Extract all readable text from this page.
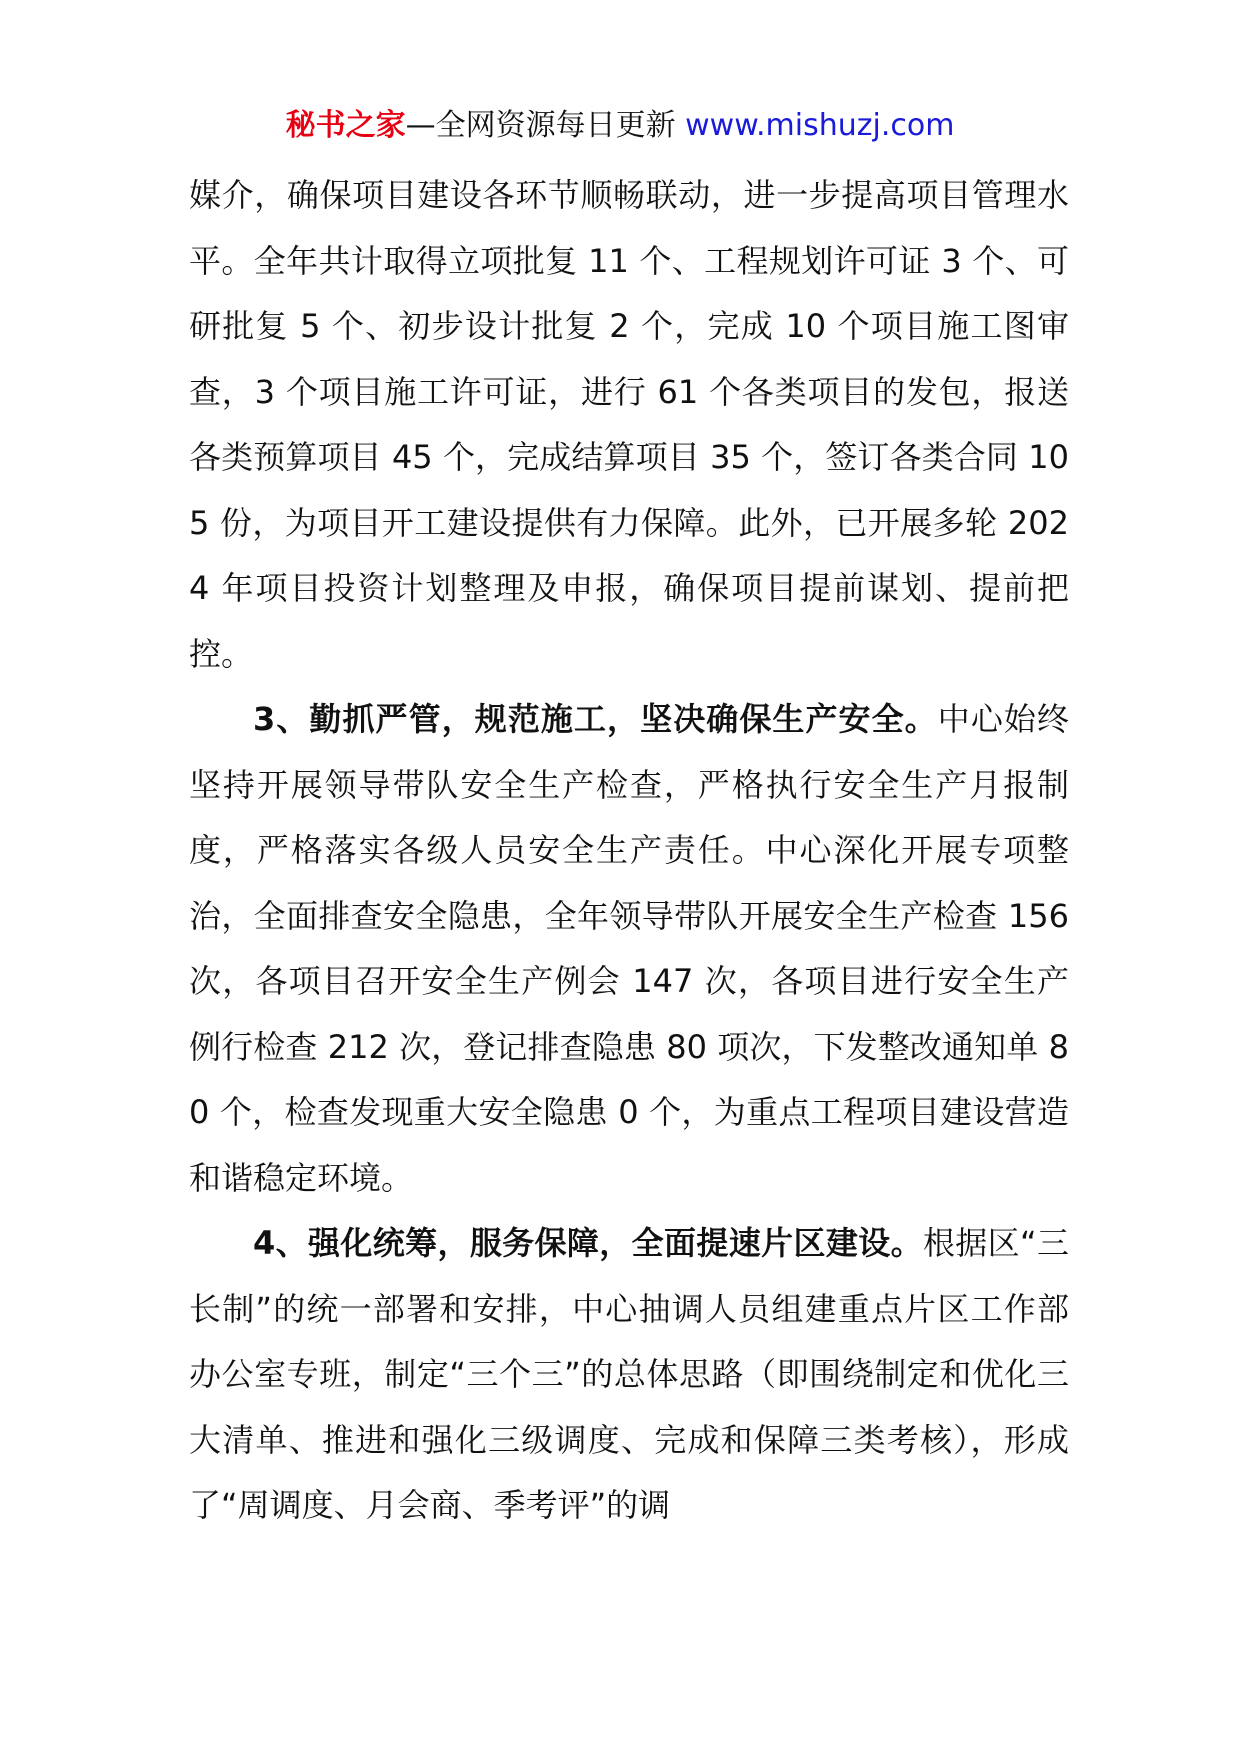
秘书之家—全网资源每日更新 www.mishuzj.com

媒介，确保项目建设各环节顺畅联动，进一步提高项目管理水平。全年共计取得立项批复 11 个、工程规划许可证 3 个、可研批复 5 个、初步设计批复 2 个，完成 10 个项目施工图审查，3 个项目施工许可证，进行 61 个各类项目的发包，报送各类预算项目 45 个，完成结算项目 35 个，签订各类合同 105 份，为项目开工建设提供有力保障。此外，已开展多轮 2024 年项目投资计划整理及申报，确保项目提前谋划、提前把控。

3、勤抓严管，规范施工，坚决确保生产安全。中心始终坚持开展领导带队安全生产检查，严格执行安全生产月报制度，严格落实各级人员安全生产责任。中心深化开展专项整治，全面排查安全隐患，全年领导带队开展安全生产检查 156 次，各项目召开安全生产例会 147 次，各项目进行安全生产例行检查 212 次，登记排查隐患 80 项次，下发整改通知单 80 个，检查发现重大安全隐患 0 个，为重点工程项目建设营造和谐稳定环境。

4、强化统筹，服务保障，全面提速片区建设。根据区“三长制”的统一部署和安排，中心抽调人员组建重点片区工作部办公室专班，制定“三个三”的总体思路（即围绕制定和优化三大清单、推进和强化三级调度、完成和保障三类考核），形成了“周调度、月会商、季考评”的调
